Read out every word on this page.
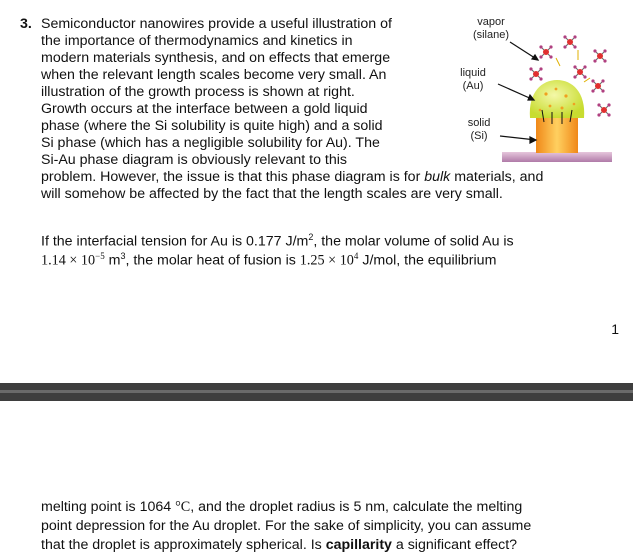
3. Semiconductor nanowires provide a useful illustration of
the importance of thermodynamics and kinetics in
modern materials synthesis, and on effects that emerge
when the relevant length scales become very small. An
illustration of the growth process is shown at right.
Growth occurs at the interface between a gold liquid
phase (where the Si solubility is quite high) and a solid
Si phase (which has a negligible solubility for Au). The
Si-Au phase diagram is obviously relevant to this
problem. However, the issue is that this phase diagram is for bulk materials, and
will somehow be affected by the fact that the length scales are very small.
If the interfacial tension for Au is 0.177 $J/m^2$, the molar volume of solid Au is
$1.14 \times 10^{-5}$ $m^3$, the molar heat of fusion is $1.25 \times 10^4$ J/mol, the equilibrium
1
vapor
(silane)
liquid
(Au)
solid
(Si)
melting point is 1064 °C, and the droplet radius is 5 nm, calculate the melting
point depression for the Au droplet. For the sake of simplicity, you can assume
that the droplet is approximately spherical. Is capillarity a significant effect?
